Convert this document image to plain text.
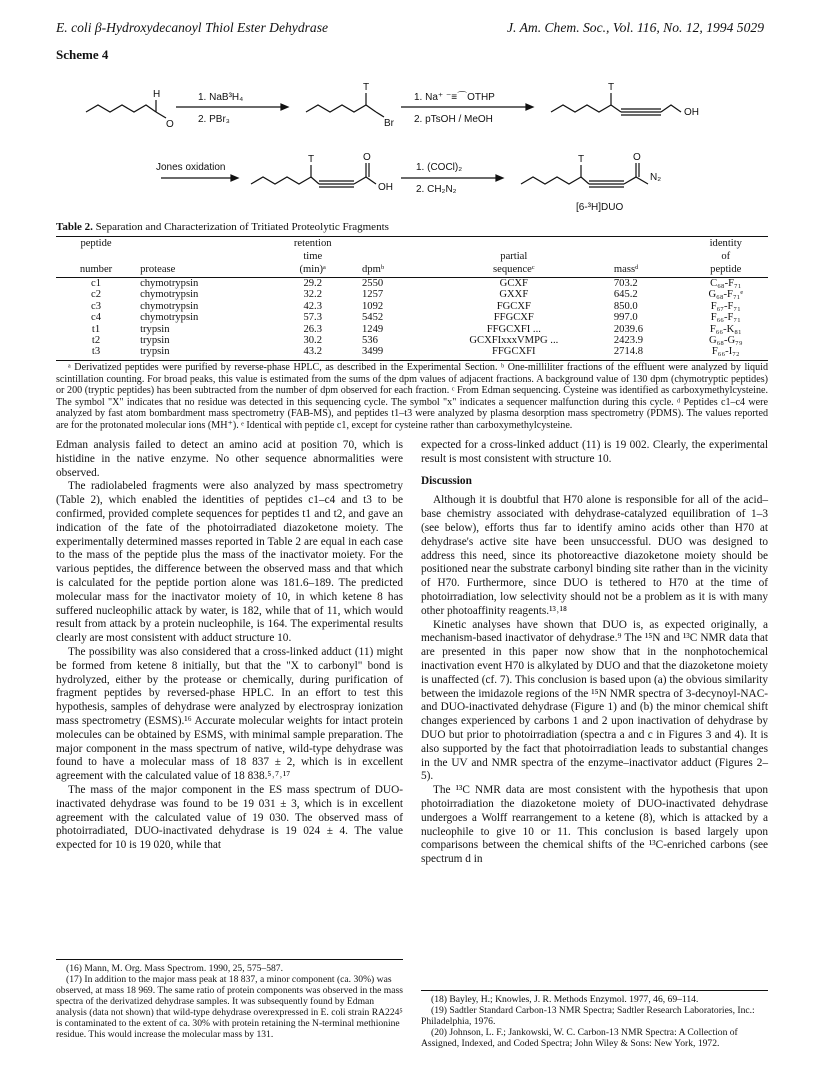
E. coli β-Hydroxydecanoyl Thiol Ester Dehydrase	J. Am. Chem. Soc., Vol. 116, No. 12, 1994 5029
Scheme 4
H
O
1. NaB³H₄
2. PBr₃
T
Br
1. Na⁺ ⁻≡⌒OTHP
2. pTsOH / MeOH
T
OH
Jones oxidation
T	O
OH
1. (COCl)₂
2. CH₂N₂
T	O
N₂
[6-³H]DUO
Table 2. Separation and Characterization of Tritiated Proteolytic Fragments
peptide		retention				identity
		time		partial		of
number	protease	(min)ᵃ	dpmᵇ	sequenceᶜ	massᵈ	peptide
c1	chymotrypsin	29.2	2550	GCXF	703.2	C₆₈-F₇₁
c2	chymotrypsin	32.2	1257	GXXF	645.2	G₆₈-F₇₁ᵉ
c3	chymotrypsin	42.3	1092	FGCXF	850.0	F₆₇-F₇₁
c4	chymotrypsin	57.3	5452	FFGCXF	997.0	F₆₆-F₇₁
t1	trypsin	26.3	1249	FFGCXFI ...	2039.6	F₆₆-K₈₁
t2	trypsin	30.2	536	GCXFIxxxVMPG ...	2423.9	G₆₈-G₇₉
t3	trypsin	43.2	3499	FFGCXFI	2714.8	F₆₆-I₇₂

ᵃ Derivatized peptides were purified by reverse-phase HPLC, as described in the Experimental Section. ᵇ One-milliliter fractions of the effluent were analyzed by liquid scintillation counting. For broad peaks, this value is estimated from the sums of the dpm values of adjacent fractions. A background value of 130 dpm (chymotryptic peptides) or 200 (tryptic peptides) has been subtracted from the number of dpm observed for each fraction. ᶜ From Edman sequencing. Cysteine was identified as carboxymethylcysteine. The symbol "X" indicates that no residue was detected in this sequencing cycle. The symbol "x" indicates a sequencer malfunction during this cycle. ᵈ Peptides c1–c4 were analyzed by fast atom bombardment mass spectrometry (FAB-MS), and peptides t1–t3 were analyzed by plasma desorption mass spectrometry (PDMS). The values reported are for the protonated molecular ions (MH⁺). ᵉ Identical with peptide c1, except for cysteine rather than carboxymethylcysteine.

Edman analysis failed to detect an amino acid at position 70, which is histidine in the native enzyme. No other sequence abnormalities were observed.

The radiolabeled fragments were also analyzed by mass spectrometry (Table 2), which enabled the identities of peptides c1–c4 and t3 to be confirmed, provided complete sequences for peptides t1 and t2, and gave an indication of the fate of the photoirradiated diazoketone moiety. The experimentally determined masses reported in Table 2 are equal in each case to the mass of the peptide plus the mass of the inactivator moiety. For the various peptides, the difference between the observed mass and that which is calculated for the peptide portion alone was 181.6–189. The predicted molecular mass for the inactivator moiety of 10, in which ketene 8 has suffered nucleophilic attack by water, is 182, while that of 11, which would result from attack by a protein nucleophile, is 164. The experimental results clearly are most consistent with adduct structure 10.

The possibility was also considered that a cross-linked adduct (11) might be formed from ketene 8 initially, but that the "X to carbonyl" bond is hydrolyzed, either by the protease or chemically, during purification of fragment peptides by reversed-phase HPLC. In an effort to test this hypothesis, samples of dehydrase were analyzed by electrospray ionization mass spectrometry (ESMS).¹⁶ Accurate molecular weights for intact protein molecules can be obtained by ESMS, with minimal sample preparation. The major component in the mass spectrum of native, wild-type dehydrase was found to have a molecular mass of 18 837 ± 2, which is in excellent agreement with the calculated value of 18 838.⁵˒⁷˒¹⁷

The mass of the major component in the ES mass spectrum of DUO-inactivated dehydrase was found to be 19 031 ± 3, which is in excellent agreement with the calculated value of 19 030. The observed mass of photoirradiated, DUO-inactivated dehydrase is 19 024 ± 4. The value expected for 10 is 19 020, while that

expected for a cross-linked adduct (11) is 19 002. Clearly, the experimental result is most consistent with structure 10.

Discussion

Although it is doubtful that H70 alone is responsible for all of the acid–base chemistry associated with dehydrase-catalyzed equilibration of 1–3 (see below), efforts thus far to identify amino acids other than H70 at dehydrase's active site have been unsuccessful. DUO was designed to address this need, since its photoreactive diazoketone moiety should be positioned near the substrate carbonyl binding site rather than in the vicinity of H70. Furthermore, since DUO is tethered to H70 at the time of photoirradiation, low selectivity should not be a problem as it is with many other photoaffinity reagents.¹³˒¹⁸

Kinetic analyses have shown that DUO is, as expected originally, a mechanism-based inactivator of dehydrase.⁹ The ¹⁵N and ¹³C NMR data that are presented in this paper now show that in the nonphotochemical inactivation event H70 is alkylated by DUO and that the diazoketone moiety is unaffected (cf. 7). This conclusion is based upon (a) the obvious similarity between the imidazole regions of the ¹⁵N NMR spectra of 3-decynoyl-NAC- and DUO-inactivated dehydrase (Figure 1) and (b) the minor chemical shift changes experienced by carbons 1 and 2 upon inactivation of dehydrase by DUO but prior to photoirradiation (spectra a and c in Figures 3 and 4). It is also supported by the fact that photoirradiation leads to substantial changes in the UV and NMR spectra of the enzyme–inactivator adduct (Figures 2–5).

The ¹³C NMR data are most consistent with the hypothesis that upon photoirradiation the diazoketone moiety of DUO-inactivated dehydrase undergoes a Wolff rearrangement to a ketene (8), which is attacked by a nucleophile to give 10 or 11. This conclusion is based largely upon comparisons between the chemical shifts of the ¹³C-enriched carbons (see spectrum d in

(16) Mann, M. Org. Mass Spectrom. 1990, 25, 575–587.

(17) In addition to the major mass peak at 18 837, a minor component (ca. 30%) was observed, at mass 18 969. The same ratio of protein components was observed in the mass spectra of the derivatized dehydrase samples. It was subsequently found by Edman analysis (data not shown) that wild-type dehydrase overexpressed in E. coli strain RA224⁵ is contaminated to the extent of ca. 30% with protein retaining the N-terminal methionine residue. This would increase the molecular mass by 131.

(18) Bayley, H.; Knowles, J. R. Methods Enzymol. 1977, 46, 69–114.

(19) Sadtler Standard Carbon-13 NMR Spectra; Sadtler Research Laboratories, Inc.: Philadelphia, 1976.

(20) Johnson, L. F.; Jankowski, W. C. Carbon-13 NMR Spectra: A Collection of Assigned, Indexed, and Coded Spectra; John Wiley & Sons: New York, 1972.
